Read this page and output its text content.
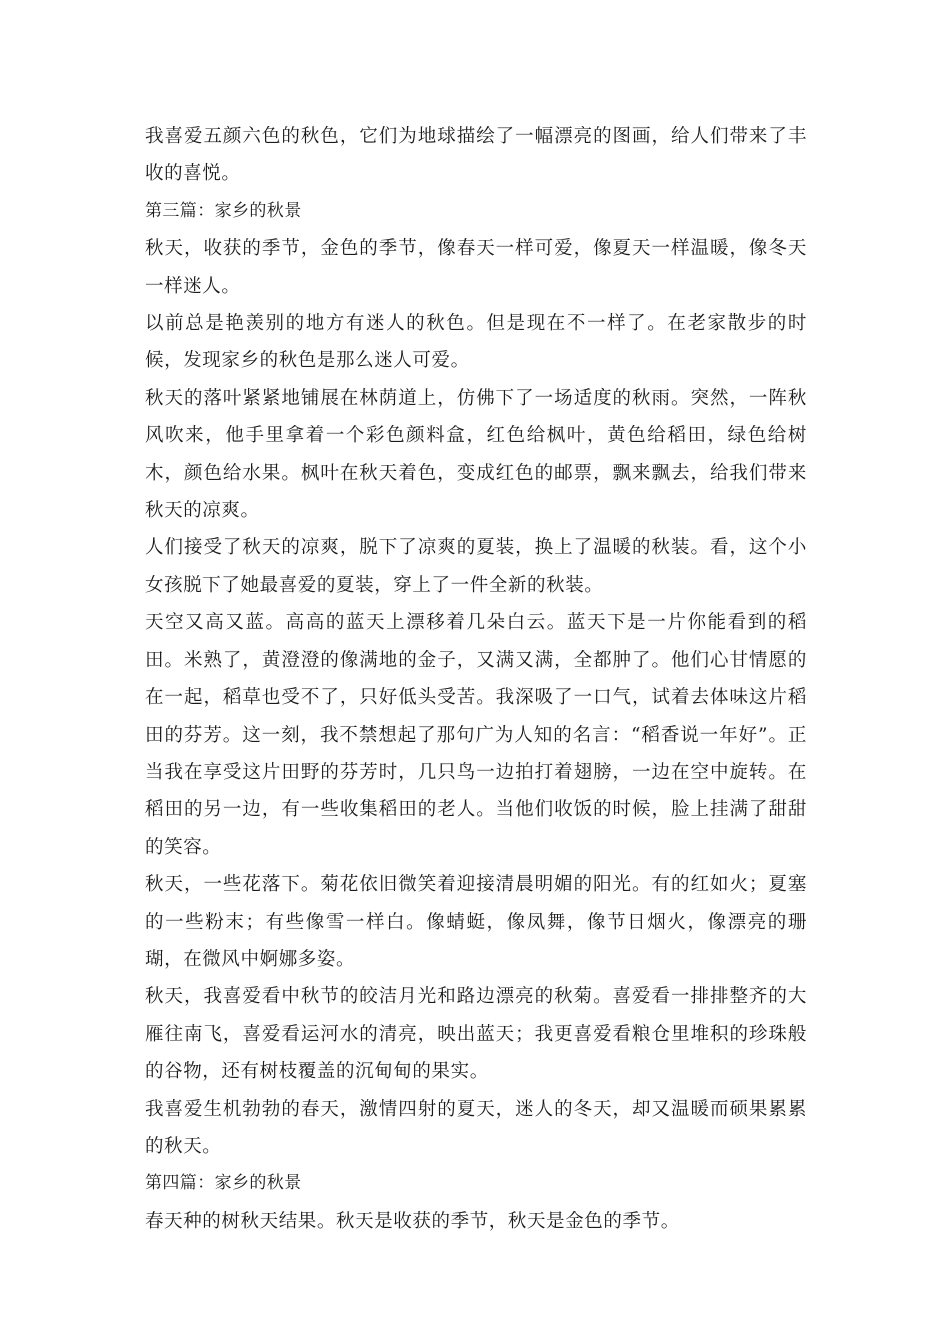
我喜爱五颜六色的秋色，它们为地球描绘了一幅漂亮的图画，给人们带来了丰收的喜悦。

第三篇：家乡的秋景

秋天，收获的季节，金色的季节，像春天一样可爱，像夏天一样温暖，像冬天一样迷人。

以前总是艳羡别的地方有迷人的秋色。但是现在不一样了。在老家散步的时候，发现家乡的秋色是那么迷人可爱。

秋天的落叶紧紧地铺展在林荫道上，仿佛下了一场适度的秋雨。突然，一阵秋风吹来，他手里拿着一个彩色颜料盒，红色给枫叶，黄色给稻田，绿色给树木，颜色给水果。枫叶在秋天着色，变成红色的邮票，飘来飘去，给我们带来秋天的凉爽。

人们接受了秋天的凉爽，脱下了凉爽的夏装，换上了温暖的秋装。看，这个小女孩脱下了她最喜爱的夏装，穿上了一件全新的秋装。

天空又高又蓝。高高的蓝天上漂移着几朵白云。蓝天下是一片你能看到的稻田。米熟了，黄澄澄的像满地的金子，又满又满，全都肿了。他们心甘情愿的在一起，稻草也受不了，只好低头受苦。我深吸了一口气，试着去体味这片稻田的芬芳。这一刻，我不禁想起了那句广为人知的名言：“稻香说一年好”。正当我在享受这片田野的芬芳时，几只鸟一边拍打着翅膀，一边在空中旋转。在稻田的另一边，有一些收集稻田的老人。当他们收饭的时候，脸上挂满了甜甜的笑容。

秋天，一些花落下。菊花依旧微笑着迎接清晨明媚的阳光。有的红如火；夏塞的一些粉末；有些像雪一样白。像蜻蜓，像凤舞，像节日烟火，像漂亮的珊瑚，在微风中婀娜多姿。

秋天，我喜爱看中秋节的皎洁月光和路边漂亮的秋菊。喜爱看一排排整齐的大雁往南飞，喜爱看运河水的清亮，映出蓝天；我更喜爱看粮仓里堆积的珍珠般的谷物，还有树枝覆盖的沉甸甸的果实。

我喜爱生机勃勃的春天，激情四射的夏天，迷人的冬天，却又温暖而硕果累累的秋天。

第四篇：家乡的秋景

春天种的树秋天结果。秋天是收获的季节，秋天是金色的季节。
